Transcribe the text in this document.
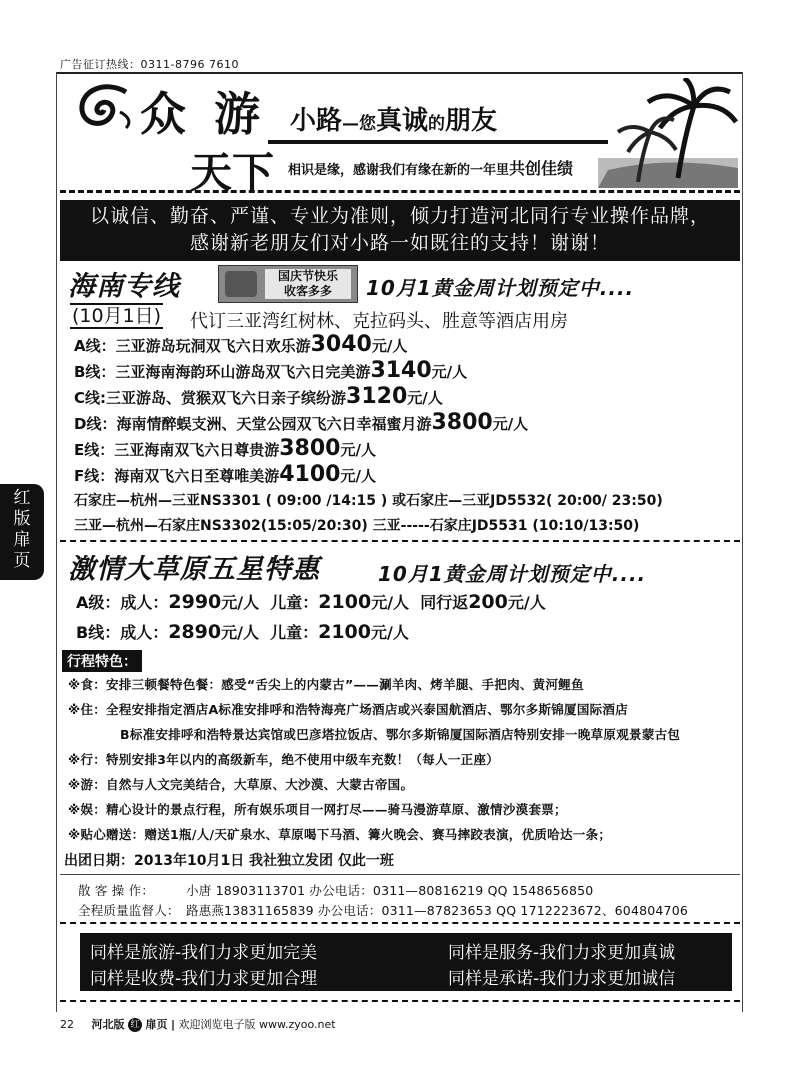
广告征订热线：0311-8796 7610
众 游
天下
小路—您真诚的朋友
相识是缘，感谢我们有缘在新的一年里共创佳绩
以诚信、勤奋、严谨、专业为准则，倾力打造河北同行专业操作品牌，
感谢新老朋友们对小路一如既往的支持！谢谢！
海南专线	国庆节快乐
收客多多	10月1黄金周计划预定中....
(10月1日) 代订三亚湾红树林、克拉码头、胜意等酒店用房
A线：三亚游岛玩洞双飞六日欢乐游3040元/人
B线：三亚海南海韵环山游岛双飞六日完美游3140元/人
C线:三亚游岛、赏猴双飞六日亲子缤纷游3120元/人
D线：海南情醉蜈支洲、天堂公园双飞六日幸福蜜月游3800元/人
E线：三亚海南双飞六日尊贵游3800元/人
F线：海南双飞六日至尊唯美游4100元/人
石家庄—杭州—三亚NS3301 ( 09:00 /14:15 ) 或石家庄—三亚JD5532( 20:00/ 23:50)
三亚—杭州—石家庄NS3302(15:05/20:30) 三亚-----石家庄JD5531 (10:10/13:50)
激情大草原五星特惠	10月1黄金周计划预定中....
A级：成人：2990元/人 儿童：2100元/人 同行返200元/人
B线：成人：2890元/人 儿童：2100元/人
行程特色：
※食：安排三顿餐特色餐：感受“舌尖上的内蒙古”——涮羊肉、烤羊腿、手把肉、黄河鲤鱼
※住：全程安排指定酒店A标准安排呼和浩特海亮广场酒店或兴泰国航酒店、鄂尔多斯锦厦国际酒店
B标准安排呼和浩特景达宾馆或巴彦塔拉饭店、鄂尔多斯锦厦国际酒店特别安排一晚草原观景蒙古包
※行：特别安排3年以内的高级新车，绝不使用中级车充数！（每人一正座）
※游：自然与人文完美结合，大草原、大沙漠、大蒙古帝国。
※娱：精心设计的景点行程，所有娱乐项目一网打尽——骑马漫游草原、激情沙漠套票；
※贴心赠送：赠送1瓶/人/天矿泉水、草原喝下马酒、篝火晚会、赛马摔跤表演，优质哈达一条；
出团日期：2013年10月1日 我社独立发团 仅此一班
散 客 操 作：	小唐 18903113701 办公电话：0311—80816219 QQ 1548656850
全程质量监督人： 路惠燕13831165839 办公电话：0311—87823653 QQ 1712223672、604804706
同样是旅游-我们力求更加完美	同样是服务-我们力求更加真诚
同样是收费-我们力求更加合理	同样是承诺-我们力求更加诚信
22 河北版 红 扉页 | 欢迎浏览电子版 www.zyoo.net
红
版
扉
页
